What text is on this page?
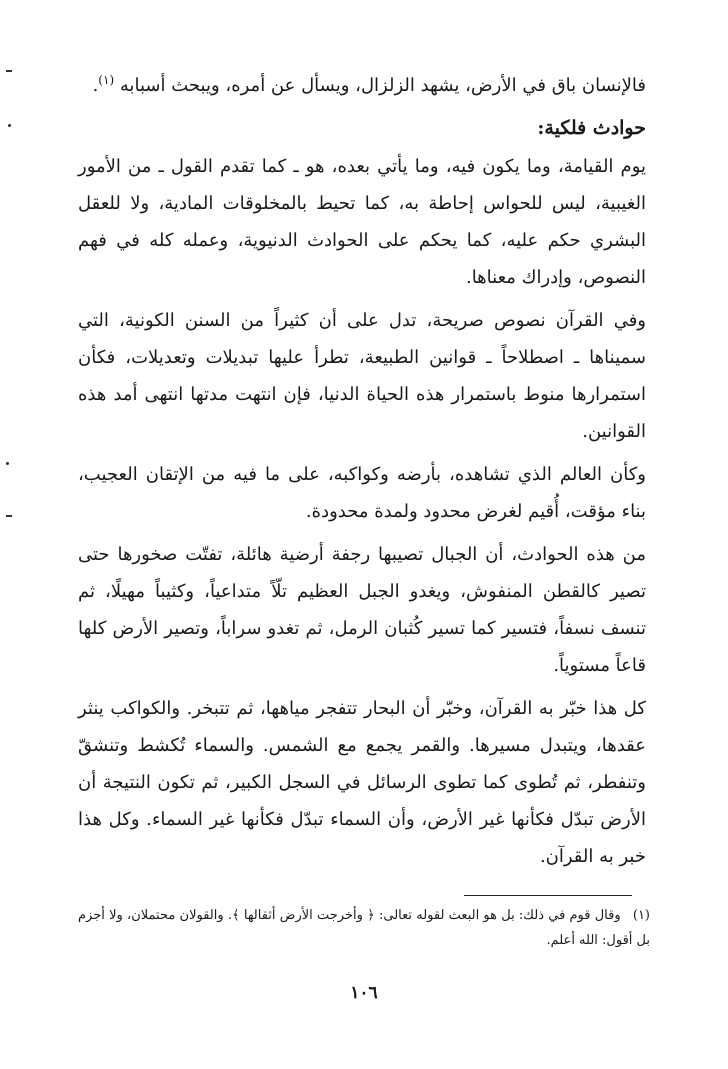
فالإنسان باق في الأرض، يشهد الزلزال، ويسأل عن أمره، ويبحث أسبابه $^{(١)}$.

حوادث فلكية:

يوم القيامة، وما يكون فيه، وما يأتي بعده، هو ـ كما تقدم القول ـ من الأمور الغيبية، ليس للحواس إحاطة به، كما تحيط بالمخلوقات المادية، ولا للعقل البشري حكم عليه، كما يحكم على الحوادث الدنيوية، وعمله كله في فهم النصوص، وإدراك معناها.

وفي القرآن نصوص صريحة، تدل على أن كثيراً من السنن الكونية، التي سميناها ـ اصطلاحاً ـ قوانين الطبيعة، تطرأ عليها تبديلات وتعديلات، فكأن استمرارها منوط باستمرار هذه الحياة الدنيا، فإن انتهت مدتها انتهى أمد هذه القوانين.

وكأن العالم الذي تشاهده، بأرضه وكواكبه، على ما فيه من الإتقان العجيب، بناء مؤقت، أُقيم لغرض محدود ولمدة محدودة.

من هذه الحوادث، أن الجبال تصيبها رجفة أرضية هائلة، تفتّت صخورها حتى تصير كالقطن المنفوش، ويغدو الجبل العظيم تلّاً متداعياً، وكثيباً مهيلًا، ثم تنسف نسفاً، فتسير كما تسير كُثبان الرمل، ثم تغدو سراباً، وتصير الأرض كلها قاعاً مستوياً.

كل هذا خبّر به القرآن، وخبّر أن البحار تتفجر مياهها، ثم تتبخر. والكواكب ينثر عقدها، ويتبدل مسيرها. والقمر يجمع مع الشمس. والسماء تُكشط وتنشقّ وتنفطر، ثم تُطوى كما تطوى الرسائل في السجل الكبير، ثم تكون النتيجة أن الأرض تبدّل فكأنها غير الأرض، وأن السماء تبدّل فكأنها غير السماء. وكل هذا خبر به القرآن.

(١) وقال قوم في ذلك: بل هو البعث لقوله تعالى: ﴿ وأخرجت الأرض أثقالها ﴾. والقولان محتملان، ولا أجزم بل أقول: الله أعلم.
١٠٦
